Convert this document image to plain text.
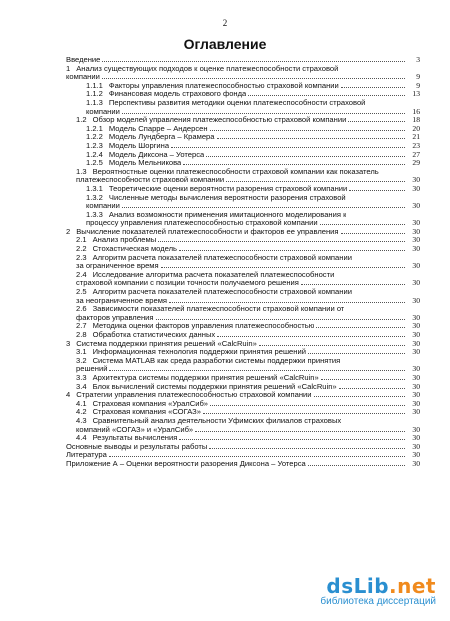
2
Оглавление
Введение	3
1 Анализ существующих подходов к оценке платежеспособности страховой
компании	9
1.1.1 Факторы управления платежеспособностью страховой компании	9
1.1.2 Финансовая модель страхового фонда	13
1.1.3 Перспективы развития методики оценки платежеспособности страховой
компании	16
1.2 Обзор моделей управления платежеспособностью страховой компании	18
1.2.1 Модель Спарре – Андерсен	20
1.2.2 Модель Лундберга – Крамера	21
1.2.3 Модель Шоргина	23
1.2.4 Модель Диксона – Уотерса	27
1.2.5 Модель Мельникова	29
1.3 Вероятностные оценки платежеспособности страховой компании как показатель
платежеспособности страховой компании	30
1.3.1 Теоретические оценки вероятности разорения страховой компании	30
1.3.2 Численные методы вычисления вероятности разорения страховой
компании	30
1.3.3 Анализ возможности применения имитационного моделирования к
процессу управления платежеспособностью страховой компании	30
2 Вычисление показателей платежеспособности и факторов ее управления	30
2.1 Анализ проблемы	30
2.2 Стохастическая модель	30
2.3 Алгоритм расчета показателей платежеспособности страховой компании
за ограниченное время	30
2.4 Исследование алгоритма расчета показателей платежеспособности
страховой компании с позиции точности получаемого решения	30
2.5 Алгоритм расчета показателей платежеспособности страховой компании
за неограниченное время	30
2.6 Зависимости показателей платежеспособности страховой компании от
факторов управления	30
2.7 Методика оценки факторов управления платежеспособностью	30
2.8 Обработка статистических данных	30
3 Система поддержки принятия решений «CalcRuin»	30
3.1 Информационная технология поддержки принятия решений	30
3.2 Система MATLAB как среда разработки системы поддержки принятия
решений	30
3.3 Архитектура системы поддержки принятия решений «CalcRuin»	30
3.4 Блок вычислений системы поддержки принятия решений «CalcRuin»	30
4 Стратегии управления платежеспособностью страховой компании	30
4.1 Страховая компания «УралСиб»	30
4.2 Страховая компания «СОГАЗ»	30
4.3 Сравнительный анализ деятельности Уфимских филиалов страховых
компаний «СОГАЗ» и «УралСиб»	30
4.4 Результаты вычисления	30
Основные выводы и результаты работы	30
Литература	30
Приложение А – Оценки вероятности разорения Диксона – Уотерса	30
dsLib.net
библиотека диссертаций
